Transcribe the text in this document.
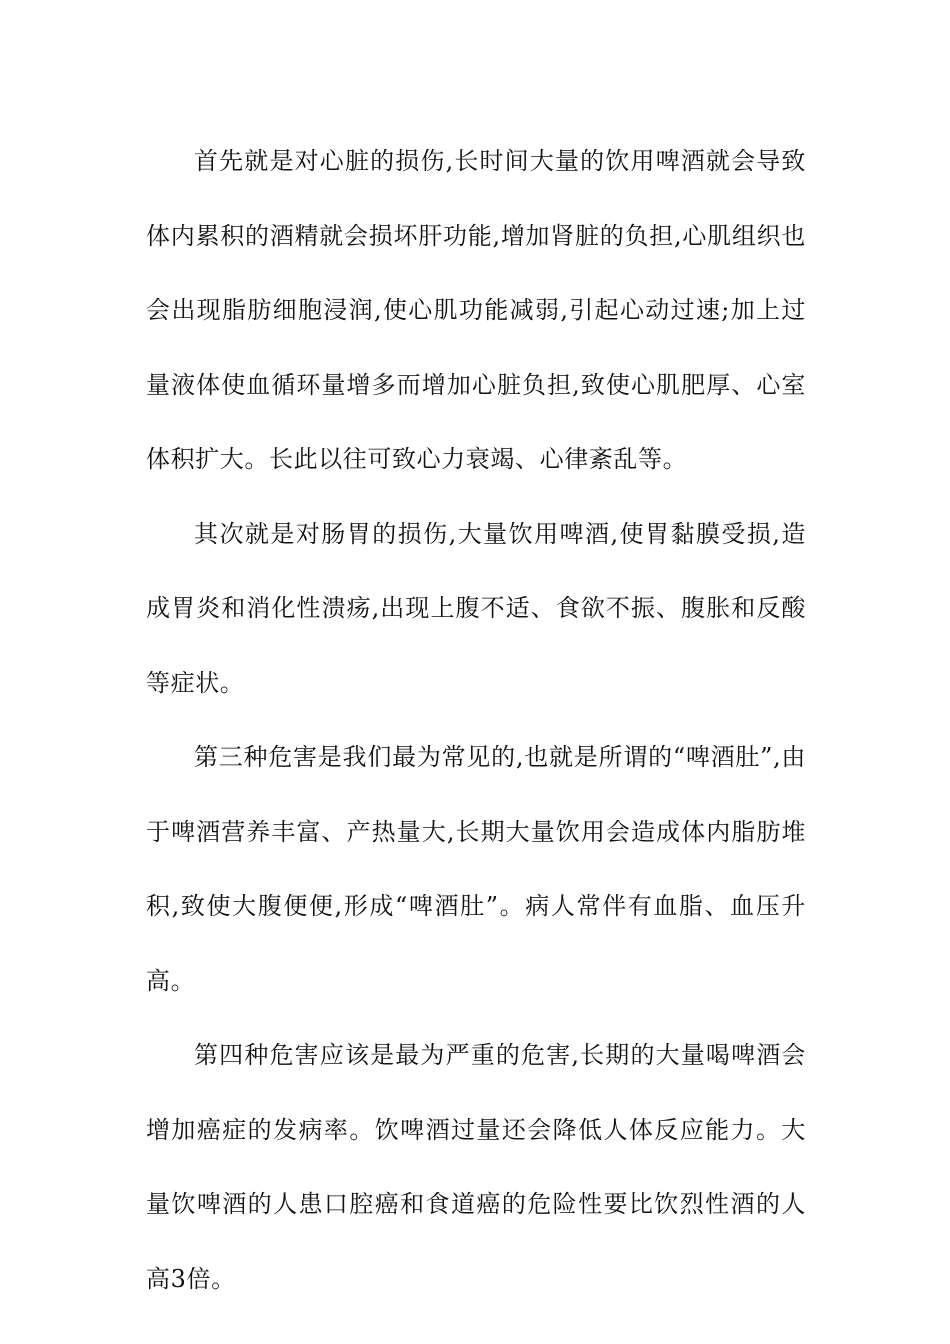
首先就是对心脏的损伤,长时间大量的饮用啤酒就会导致体内累积的酒精就会损坏肝功能,增加肾脏的负担,心肌组织也会出现脂肪细胞浸润,使心肌功能减弱,引起心动过速;加上过量液体使血循环量增多而增加心脏负担,致使心肌肥厚、心室体积扩大。长此以往可致心力衰竭、心律紊乱等。

其次就是对肠胃的损伤,大量饮用啤酒,使胃黏膜受损,造成胃炎和消化性溃疡,出现上腹不适、食欲不振、腹胀和反酸等症状。

第三种危害是我们最为常见的,也就是所谓的“啤酒肚”,由于啤酒营养丰富、产热量大,长期大量饮用会造成体内脂肪堆积,致使大腹便便,形成“啤酒肚”。病人常伴有血脂、血压升高。

第四种危害应该是最为严重的危害,长期的大量喝啤酒会增加癌症的发病率。饮啤酒过量还会降低人体反应能力。大量饮啤酒的人患口腔癌和食道癌的危险性要比饮烈性酒的人高3倍。
